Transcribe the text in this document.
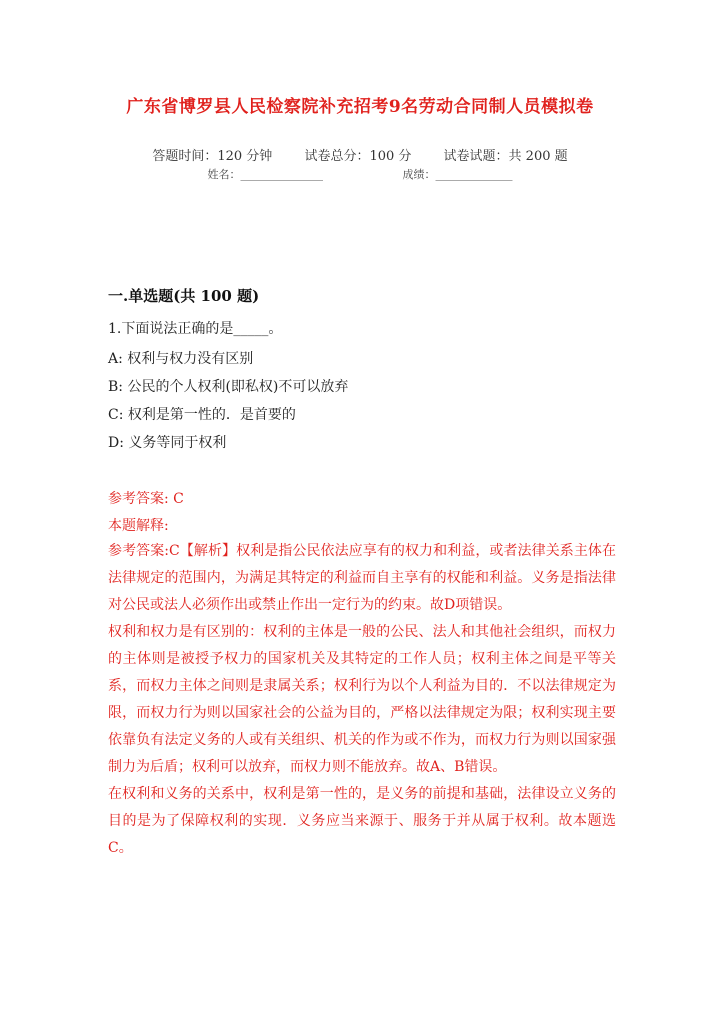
广东省博罗县人民检察院补充招考9名劳动合同制人员模拟卷
答题时间：120 分钟 试卷总分：100 分 试卷试题：共 200 题
姓名：_______________	成绩：______________
一.单选题(共 100 题)
1.下面说法正确的是_____。
A: 权利与权力没有区别
B: 公民的个人权利(即私权)不可以放弃
C: 权利是第一性的．是首要的
D: 义务等同于权利
参考答案: C
本题解释:

参考答案:C【解析】权利是指公民依法应享有的权力和利益，或者法律关系主体在法律规定的范围内，为满足其特定的利益而自主享有的权能和利益。义务是指法律对公民或法人必须作出或禁止作出一定行为的约束。故D项错误。

权利和权力是有区别的：权利的主体是一般的公民、法人和其他社会组织，而权力的主体则是被授予权力的国家机关及其特定的工作人员；权利主体之间是平等关系，而权力主体之间则是隶属关系；权利行为以个人利益为目的．不以法律规定为限，而权力行为则以国家社会的公益为目的，严格以法律规定为限；权利实现主要依靠负有法定义务的人或有关组织、机关的作为或不作为，而权力行为则以国家强制力为后盾；权利可以放弃，而权力则不能放弃。故A、B错误。

在权利和义务的关系中，权利是第一性的，是义务的前提和基础，法律设立义务的目的是为了保障权利的实现．义务应当来源于、服务于并从属于权利。故本题选C。
